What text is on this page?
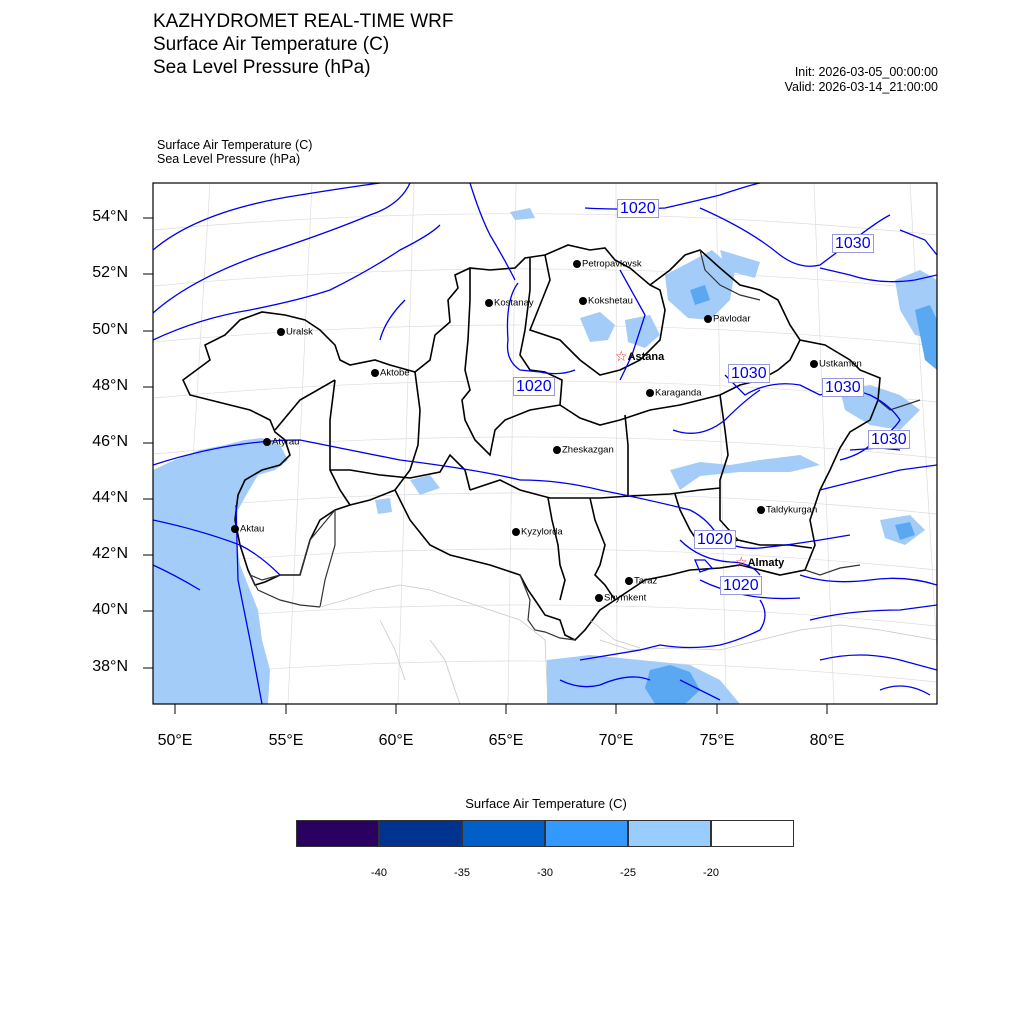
KAZHYDROMET REAL-TIME WRF
Surface Air Temperature (C)
Sea Level Pressure (hPa)	Init: 2026-03-05_00:00:00
Valid: 2026-03-14_21:00:00
Surface Air Temperature (C)
Sea Level Pressure (hPa)
Petropavlovsk
Kostanay	Kokshetau
Pavlodar
Uralsk
Aktobe
☆Astana
Ustkamen
Karaganda
Atyrau
Zheskazgan
Taldykurgan
Aktau	Kyzylorda
☆Almaty
Taraz
Shymkent
1020
1030
1020
1030
1030
1030
1020
1020
54°N
52°N
50°N
48°N
46°N
44°N
42°N
40°N
38°N
50°E	55°E	60°E	65°E	70°E	75°E	80°E
Surface Air Temperature (C)
-40	-35	-30	-25	-20
